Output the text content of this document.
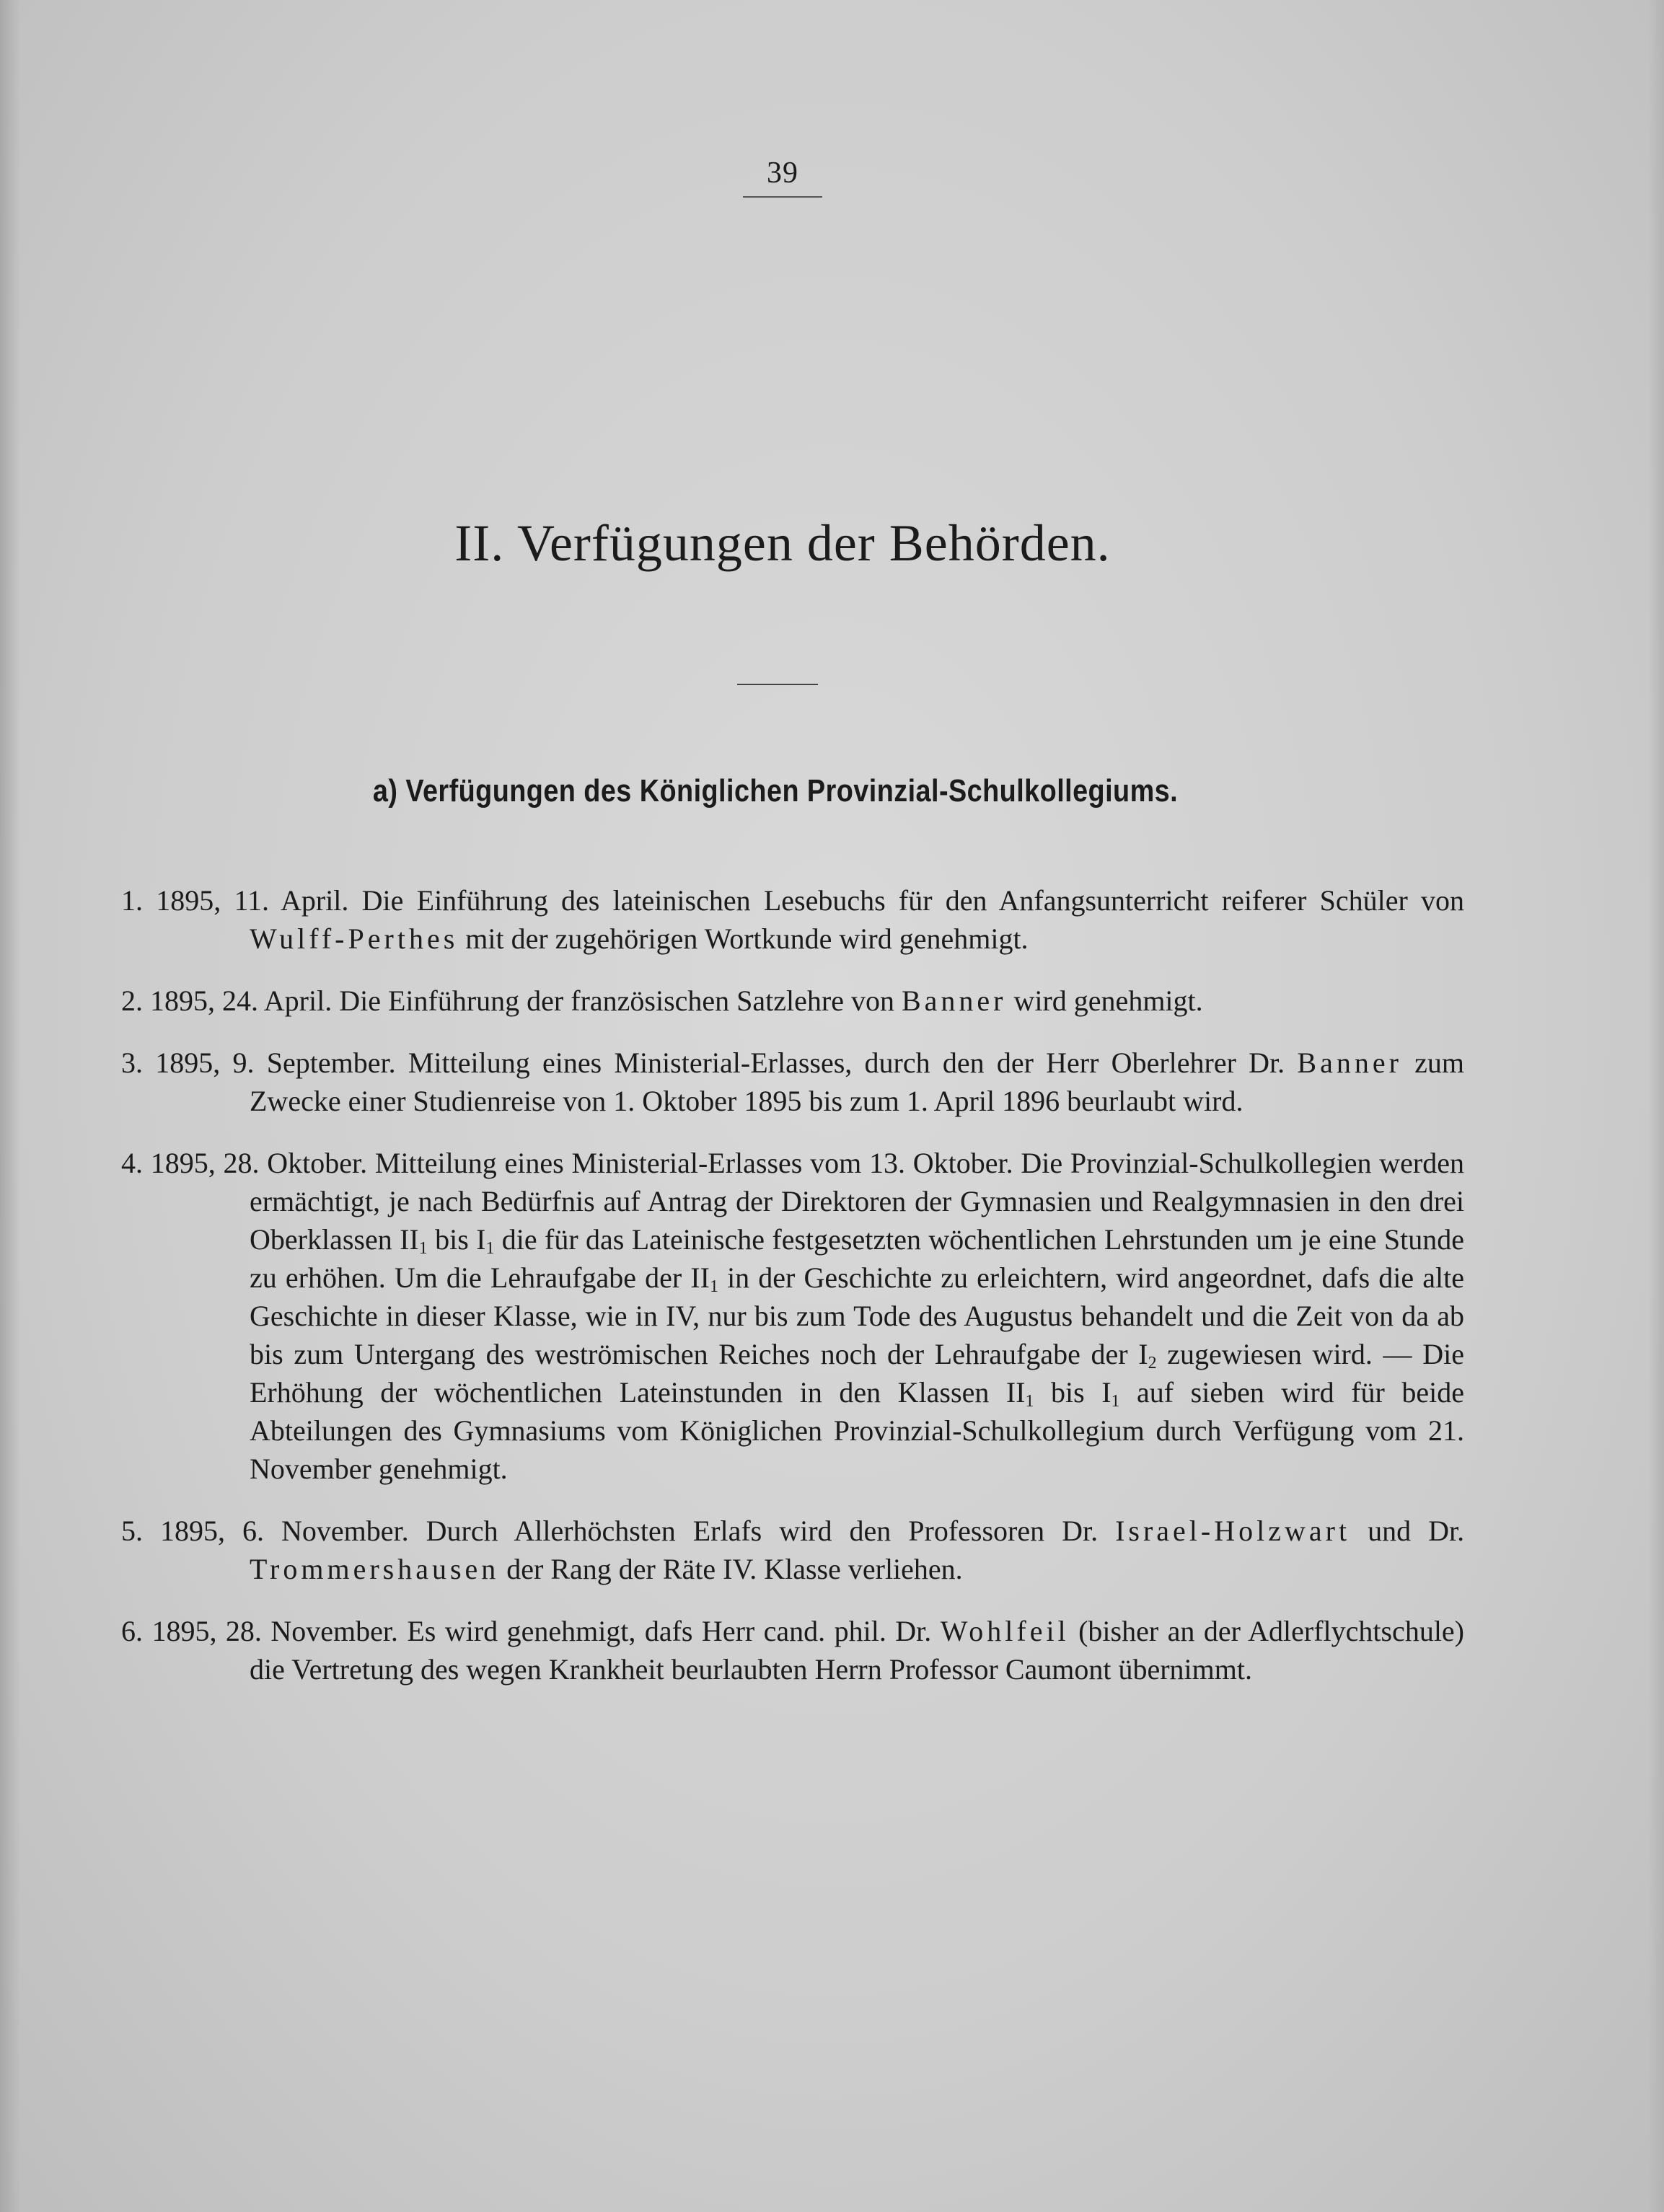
39
II. Verfügungen der Behörden.
a) Verfügungen des Königlichen Provinzial-Schulkollegiums.
1. 1895, 11. April. Die Einführung des lateinischen Lesebuchs für den Anfangsunterricht reiferer Schüler von Wulff-Perthes mit der zugehörigen Wortkunde wird genehmigt.
2. 1895, 24. April. Die Einführung der französischen Satzlehre von Banner wird genehmigt.
3. 1895, 9. September. Mitteilung eines Ministerial-Erlasses, durch den der Herr Oberlehrer Dr. Banner zum Zwecke einer Studienreise von 1. Oktober 1895 bis zum 1. April 1896 beurlaubt wird.
4. 1895, 28. Oktober. Mitteilung eines Ministerial-Erlasses vom 13. Oktober. Die Provinzial-Schulkollegien werden ermächtigt, je nach Bedürfnis auf Antrag der Direktoren der Gymnasien und Realgymnasien in den drei Oberklassen $II_1$ bis $I_1$ die für das Lateinische festgesetzten wöchentlichen Lehrstunden um je eine Stunde zu erhöhen. Um die Lehraufgabe der $II_1$ in der Geschichte zu erleichtern, wird angeordnet, dafs die alte Geschichte in dieser Klasse, wie in IV, nur bis zum Tode des Augustus behandelt und die Zeit von da ab bis zum Untergang des weströmischen Reiches noch der Lehraufgabe der $I_2$ zugewiesen wird. — Die Erhöhung der wöchentlichen Lateinstunden in den Klassen $II_1$ bis $I_1$ auf sieben wird für beide Abteilungen des Gymnasiums vom Königlichen Provinzial-Schulkollegium durch Verfügung vom 21. November genehmigt.
5. 1895, 6. November. Durch Allerhöchsten Erlafs wird den Professoren Dr. Israel-Holzwart und Dr. Trommershausen der Rang der Räte IV. Klasse verliehen.
6. 1895, 28. November. Es wird genehmigt, dafs Herr cand. phil. Dr. Wohlfeil (bisher an der Adlerflychtschule) die Vertretung des wegen Krankheit beurlaubten Herrn Professor Caumont übernimmt.
